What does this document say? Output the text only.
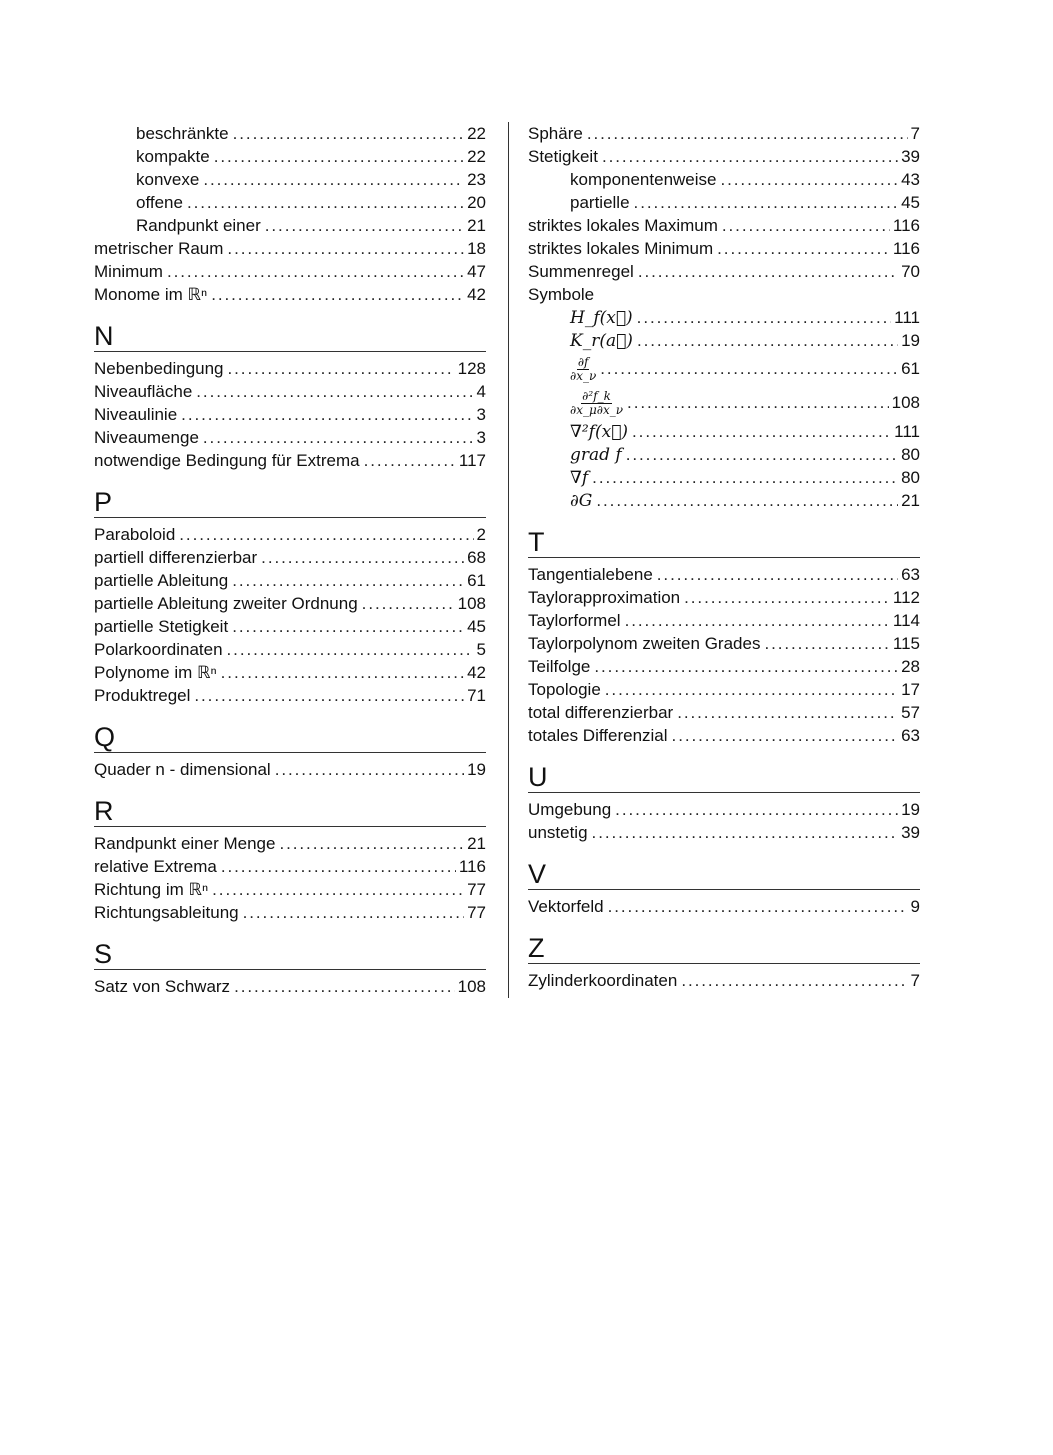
beschränkte . . .	22
kompakte . . .	22
konvexe . . .	23
offene . . .	20
Randpunkt einer . . .	21
metrischer Raum . . .	18
Minimum . . .	47
Monome im ℝⁿ . . .	42
N
Nebenbedingung . . .	128
Niveaufläche . . .	4
Niveaulinie . . .	3
Niveaumenge . . .	3
notwendige Bedingung für Extrema . . .	117
P
Paraboloid . . .	2
partiell differenzierbar . . .	68
partielle Ableitung . . .	61
partielle Ableitung zweiter Ordnung . . .	108
partielle Stetigkeit . . .	45
Polarkoordinaten . . .	5
Polynome im ℝⁿ . . .	42
Produktregel . . .	71
Q
Quader n - dimensional . . .	19
R
Randpunkt einer Menge . . .	21
relative Extrema . . .	116
Richtung im ℝⁿ . . .	77
Richtungsableitung . . .	77
S
Satz von Schwarz . . .	108
Sphäre . . .	7
Stetigkeit . . .	39
komponentenweise . . .	43
partielle . . .	45
striktes lokales Maximum . . .	116
striktes lokales Minimum . . .	116
Summenregel . . .	70
Symbole
H_f(x⃗) . . .	111
K_r(a⃗) . . .	19
$\frac{\partial f}{\partial x\_\nu}$ . . .	61
$\frac{\text{∂²f\_k}}{\partial x\_\mu\partial x\_\nu}$ . . .	108
∇²f(x⃗) . . .	111
grad f . . .	80
∇f . . .	80
∂G . . .	21
T
Tangentialebene . . .	63
Taylorapproximation . . .	112
Taylorformel . . .	114
Taylorpolynom zweiten Grades . . .	115
Teilfolge . . .	28
Topologie . . .	17
total differenzierbar . . .	57
totales Differenzial . . .	63
U
Umgebung . . .	19
unstetig . . .	39
V
Vektorfeld . . .	9
Z
Zylinderkoordinaten . . .	7
